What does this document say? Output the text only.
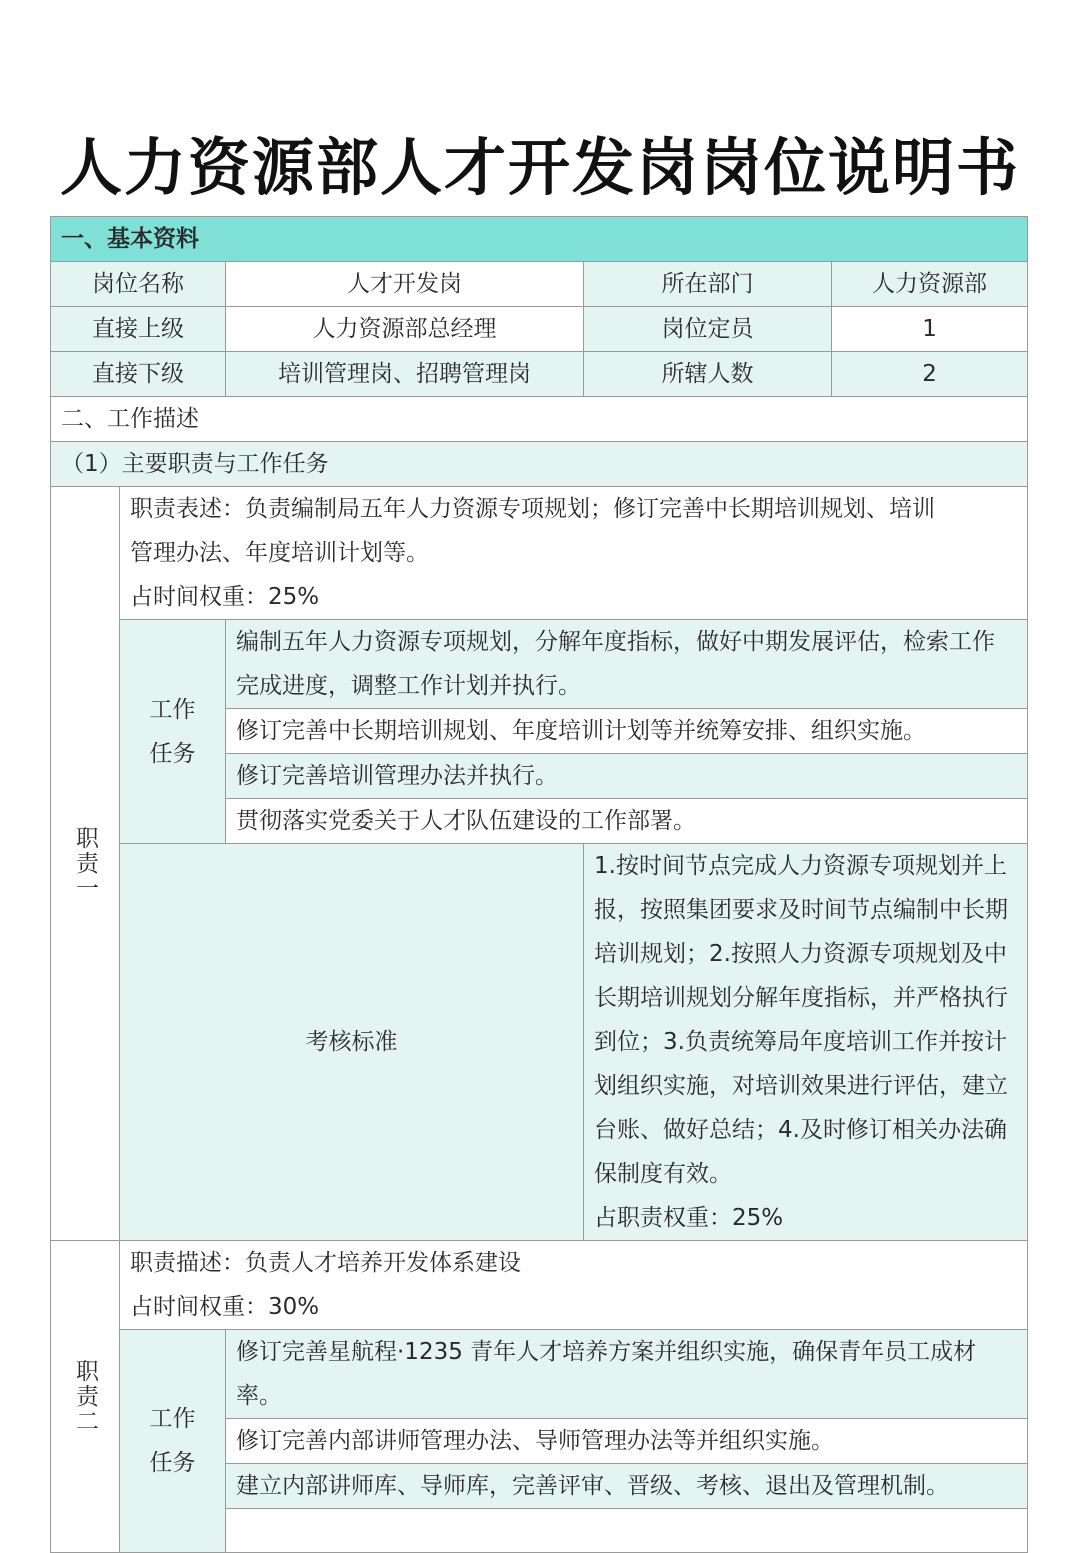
人力资源部人才开发岗岗位说明书
一、基本资料				
岗位名称		人才开发岗	所在部门	人力资源部
直接上级		人力资源部总经理	岗位定员	1
直接下级		培训管理岗、招聘管理岗	所辖人数	2
二、工作描述				
（1）主要职责与工作任务				
职责一	职责表述：负责编制局五年人力资源专项规划；修订完善中长期培训规划、培训
管理办法、年度培训计划等。
占时间权重：25%			

	工作
任务	编制五年人力资源专项规划，分解年度指标，做好中期发展评估，检索工作完成进度，调整工作计划并执行。		
		修订完善中长期培训规划、年度培训计划等并统筹安排、组织实施。		
		修订完善培训管理办法并执行。		
		贯彻落实党委关于人才队伍建设的工作部署。		
	考核标准		1.按时间节点完成人力资源专项规划并上报，按照集团要求及时间节点编制中长期培训规划；2.按照人力资源专项规划及中长期培训规划分解年度指标，并严格执行到位；3.负责统筹局年度培训工作并按计划组织实施，对培训效果进行评估，建立台账、做好总结；4.及时修订相关办法确保制度有效。
占职责权重：25%	

职责二	职责描述：负责人才培养开发体系建设
占时间权重：30%			

	工作
任务	修订完善星航程·1235 青年人才培养方案并组织实施，确保青年员工成材率。		
		修订完善内部讲师管理办法、导师管理办法等并组织实施。		
		建立内部讲师库、导师库，完善评审、晋级、考核、退出及管理机制。		
